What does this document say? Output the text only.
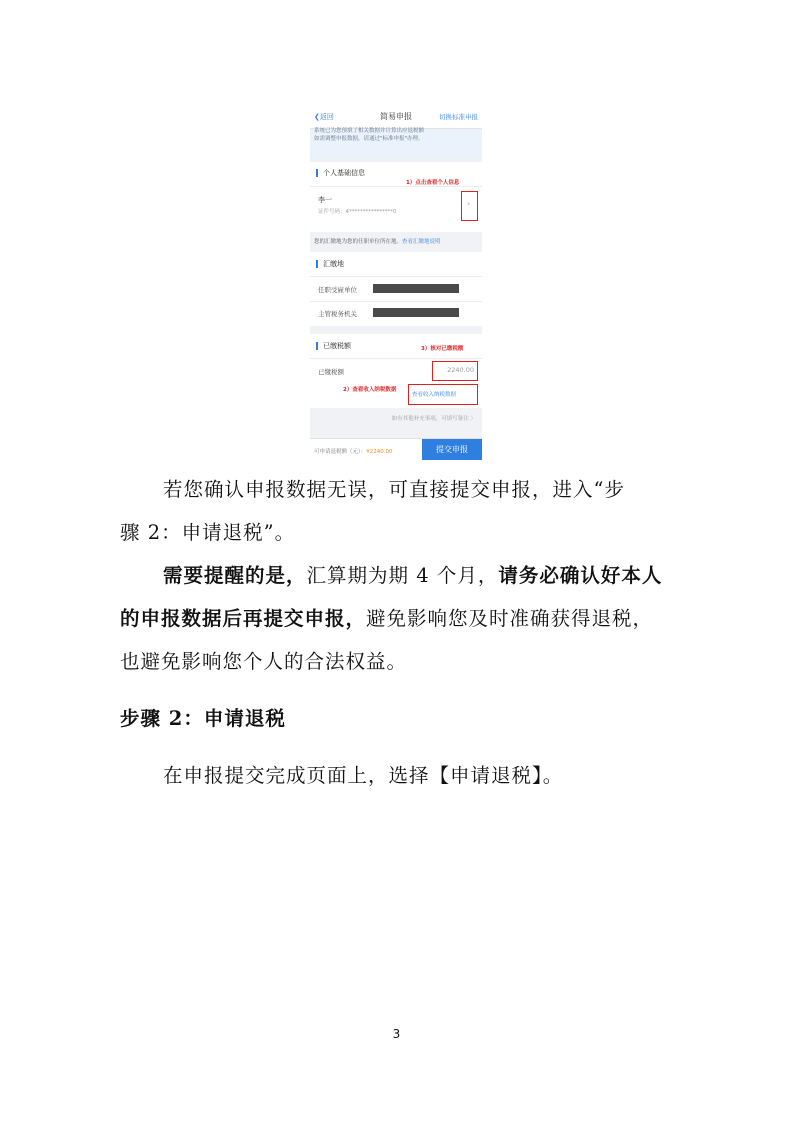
❮返回	简易申报	切换标准申报
系统已为您预填了相关数据并计算出应退税额
如需调整申报数据，请通过"标准申报"办理。
个人基础信息
1）点击查看个人信息
李一
证件号码：4****************0
›
您的汇缴地为您的任职单位所在地。查看汇缴地说明
汇缴地
任职受雇单位
主管税务机关
已缴税额	3）核对已缴税额
已缴税额	2240.00
2）查看收入纳税数据
查看收入纳税数据
如有其他补充事项，可填写备注 〉
可申请退税额（元）：¥2240.00	提交申报
若您确认申报数据无误，可直接提交申报，进入“步
骤 2：申请退税”。
需要提醒的是，汇算期为期 4 个月，请务必确认好本人
的申报数据后再提交申报，避免影响您及时准确获得退税，
也避免影响您个人的合法权益。
步骤 2：申请退税
在申报提交完成页面上，选择【申请退税】。
3
